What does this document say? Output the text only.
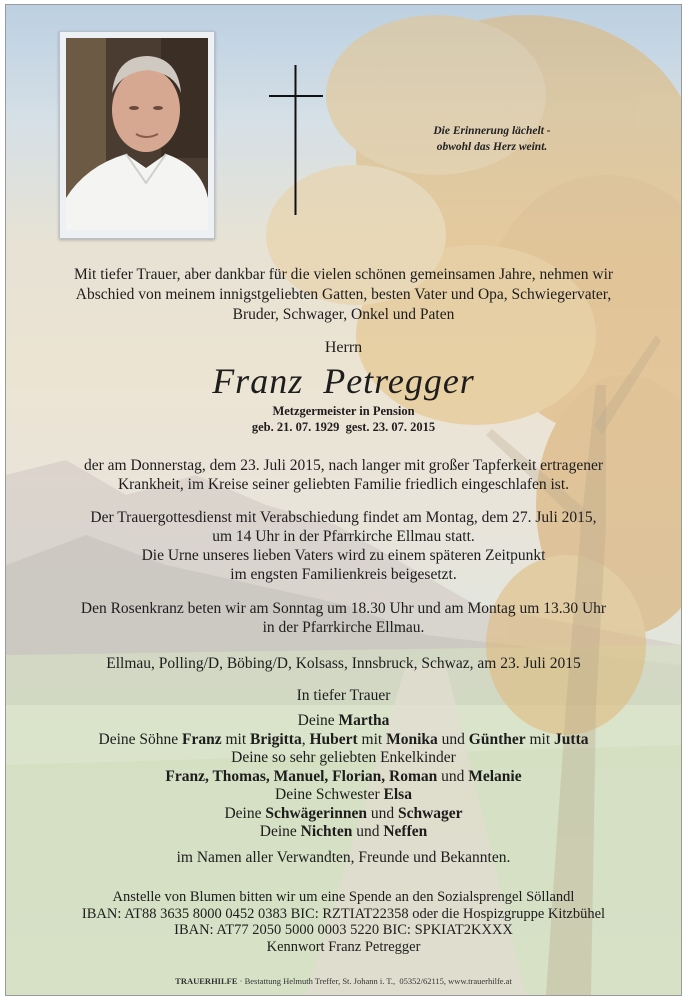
Die Erinnerung lächelt -
obwohl das Herz weint.
Mit tiefer Trauer, aber dankbar für die vielen schönen gemeinsamen Jahre, nehmen wir
Abschied von meinem innigstgeliebten Gatten, besten Vater und Opa, Schwiegervater,
Bruder, Schwager, Onkel und Paten
Herrn
Franz  Petregger
Metzgermeister in Pension
geb. 21. 07. 1929  gest. 23. 07. 2015
der am Donnerstag, dem 23. Juli 2015, nach langer mit großer Tapferkeit ertragener
Krankheit, im Kreise seiner geliebten Familie friedlich eingeschlafen ist.
Der Trauergottesdienst mit Verabschiedung findet am Montag, dem 27. Juli 2015,
um 14 Uhr in der Pfarrkirche Ellmau statt.
Die Urne unseres lieben Vaters wird zu einem späteren Zeitpunkt
im engsten Familienkreis beigesetzt.
Den Rosenkranz beten wir am Sonntag um 18.30 Uhr und am Montag um 13.30 Uhr
in der Pfarrkirche Ellmau.
Ellmau, Polling/D, Böbing/D, Kolsass, Innsbruck, Schwaz, am 23. Juli 2015
In tiefer Trauer
Deine Martha
Deine Söhne Franz mit Brigitta, Hubert mit Monika und Günther mit Jutta
Deine so sehr geliebten Enkelkinder
Franz, Thomas, Manuel, Florian, Roman und Melanie
Deine Schwester Elsa
Deine Schwägerinnen und Schwager
Deine Nichten und Neffen
im Namen aller Verwandten, Freunde und Bekannten.
Anstelle von Blumen bitten wir um eine Spende an den Sozialsprengel Söllandl
IBAN: AT88 3635 8000 0452 0383 BIC: RZTIAT22358 oder die Hospizgruppe Kitzbühel
IBAN: AT77 2050 5000 0003 5220 BIC: SPKIAT2KXXX
Kennwort Franz Petregger
TRAUERHILFE · Bestattung Helmuth Treffer, St. Johann i. T.,  05352/62115, www.trauerhilfe.at
